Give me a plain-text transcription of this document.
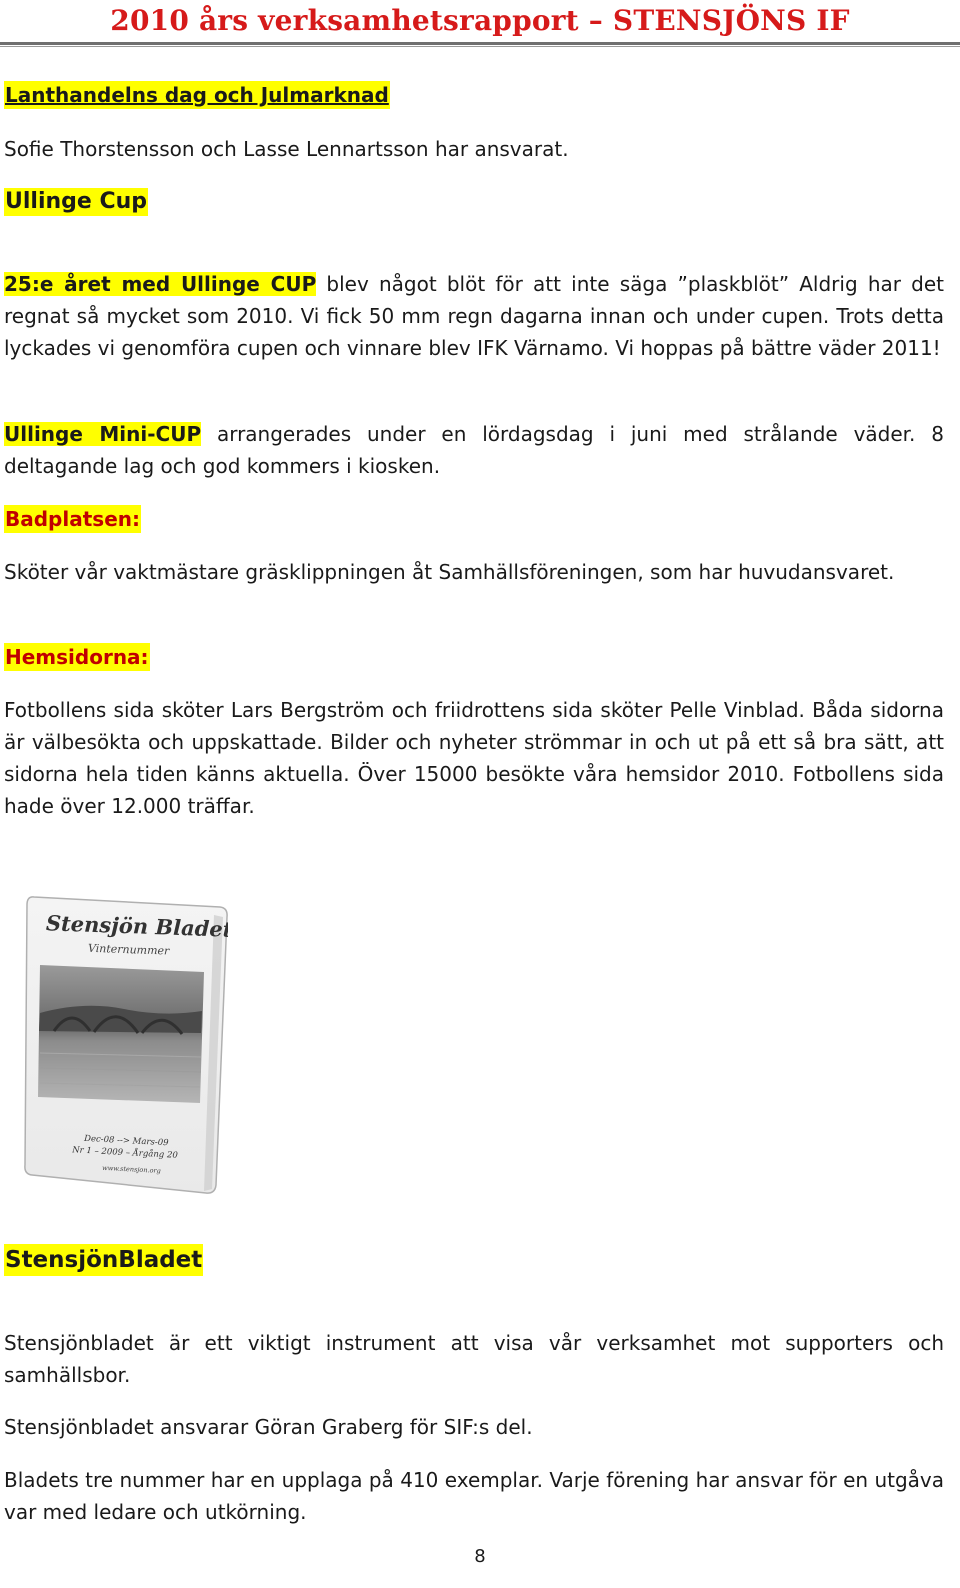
2010 års verksamhetsrapport – STENSJÖNS IF
Lanthandelns dag och Julmarknad

Sofie Thorstensson och Lasse Lennartsson har ansvarat.

Ullinge Cup

25:e året med Ullinge CUP blev något blöt för att inte säga ”plaskblöt” Aldrig har det regnat så mycket som 2010. Vi fick 50 mm regn dagarna innan och under cupen. Trots detta lyckades vi genomföra cupen och vinnare blev IFK Värnamo. Vi hoppas på bättre väder 2011!

Ullinge Mini-CUP arrangerades under en lördagsdag i juni med strålande väder. 8 deltagande lag och god kommers i kiosken.

Badplatsen:

Sköter vår vaktmästare gräsklippningen åt Samhällsföreningen, som har huvudansvaret.

Hemsidorna:

Fotbollens sida sköter Lars Bergström och friidrottens sida sköter Pelle Vinblad. Båda sidorna är välbesökta och uppskattade. Bilder och nyheter strömmar in och ut på ett så bra sätt, att sidorna hela tiden känns aktuella. Över 15000 besökte våra hemsidor 2010. Fotbollens sida hade över 12.000 träffar.

Stensjön Bladets
Vinternummer
Dec-08 --> Mars-09
Nr 1 – 2009 – Årgång 20
www.stensjon.org
StensjönBladet

Stensjönbladet är ett viktigt instrument att visa vår verksamhet mot supporters och samhällsbor.

Stensjönbladet ansvarar Göran Graberg för SIF:s del.

Bladets tre nummer har en upplaga på 410 exemplar. Varje förening har ansvar för en utgåva var med ledare och utkörning.

8
